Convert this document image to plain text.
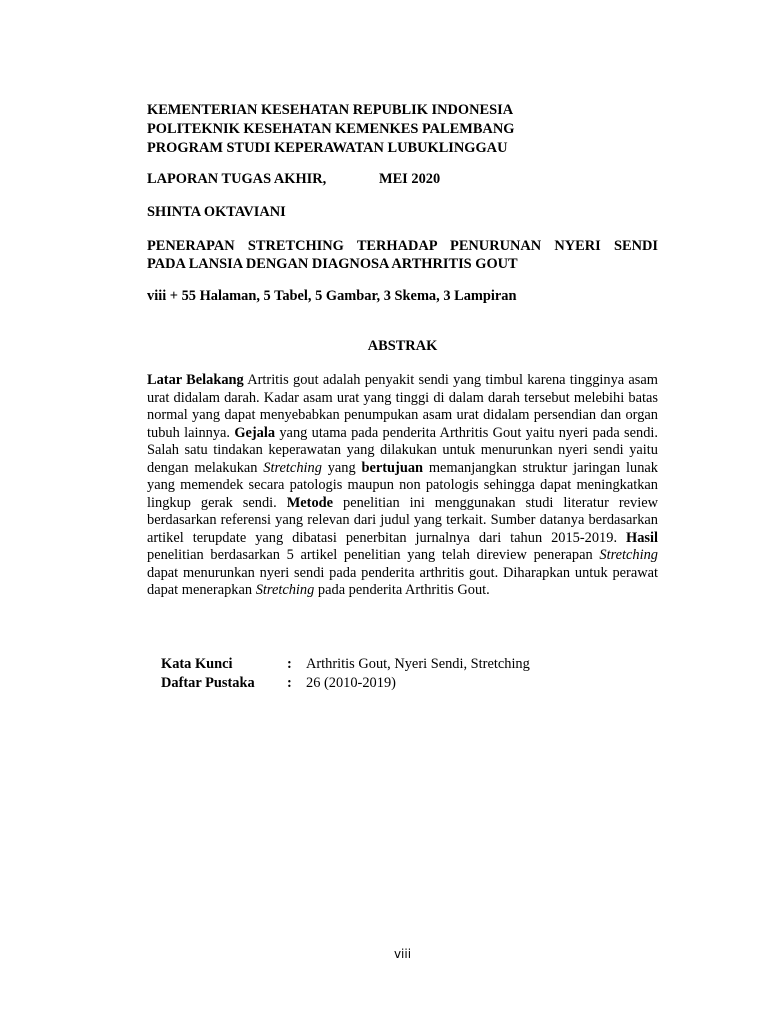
KEMENTERIAN KESEHATAN REPUBLIK INDONESIA
POLITEKNIK KESEHATAN KEMENKES PALEMBANG
PROGRAM STUDI KEPERAWATAN LUBUKLINGGAU
LAPORAN TUGAS AKHIR,	MEI 2020
SHINTA OKTAVIANI
PENERAPAN STRETCHING TERHADAP PENURUNAN NYERI SENDI
PADA LANSIA DENGAN DIAGNOSA ARTHRITIS GOUT
viii + 55 Halaman, 5 Tabel, 5 Gambar, 3 Skema, 3 Lampiran
ABSTRAK
Latar Belakang Artritis gout adalah penyakit sendi yang timbul karena tingginya asam urat didalam darah. Kadar asam urat yang tinggi di dalam darah tersebut melebihi batas normal yang dapat menyebabkan penumpukan asam urat didalam persendian dan organ tubuh lainnya. Gejala yang utama pada penderita Arthritis Gout yaitu nyeri pada sendi. Salah satu tindakan keperawatan yang dilakukan untuk menurunkan nyeri sendi yaitu dengan melakukan Stretching yang bertujuan memanjangkan struktur jaringan lunak yang memendek secara patologis maupun non patologis sehingga dapat meningkatkan lingkup gerak sendi. Metode penelitian ini menggunakan studi literatur review berdasarkan referensi yang relevan dari judul yang terkait. Sumber datanya berdasarkan artikel terupdate yang dibatasi penerbitan jurnalnya dari tahun 2015-2019. Hasil penelitian berdasarkan 5 artikel penelitian yang telah direview penerapan Stretching dapat menurunkan nyeri sendi pada penderita arthritis gout. Diharapkan untuk perawat dapat menerapkan Stretching pada penderita Arthritis Gout.
Kata Kunci	:	Arthritis Gout, Nyeri Sendi, Stretching
Daftar Pustaka	:	26 (2010-2019)
viii
